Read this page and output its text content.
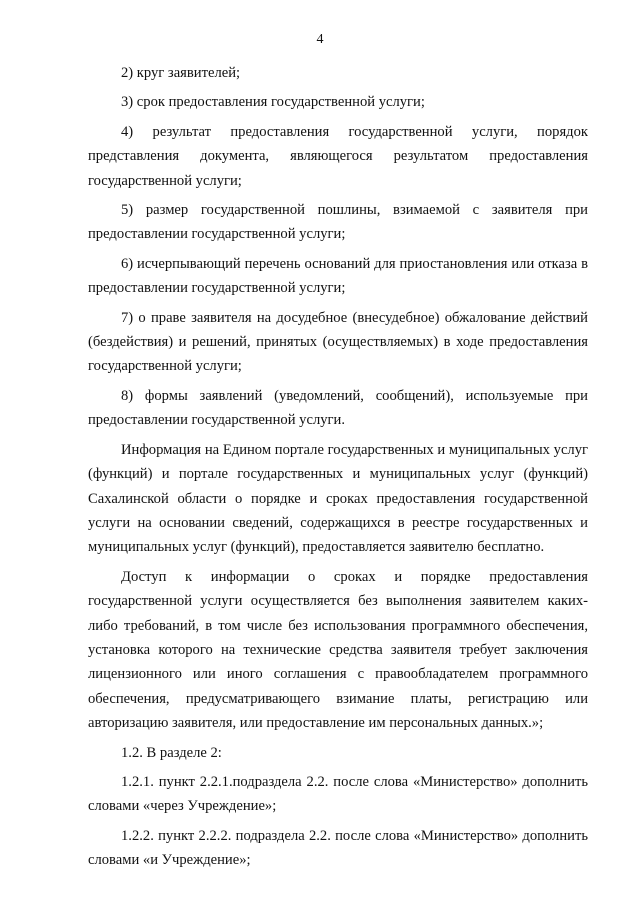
4

2) круг заявителей;

3) срок предоставления государственной услуги;

4) результат предоставления государственной услуги, порядок представления документа, являющегося результатом предоставления государственной услуги;

5) размер государственной пошлины, взимаемой с заявителя при предоставлении государственной услуги;

6) исчерпывающий перечень оснований для приостановления или отказа в предоставлении государственной услуги;

7) о праве заявителя на досудебное (внесудебное) обжалование действий (бездействия) и решений, принятых (осуществляемых) в ходе предоставления государственной услуги;

8) формы заявлений (уведомлений, сообщений), используемые при предоставлении государственной услуги.

Информация на Едином портале государственных и муниципальных услуг (функций) и портале государственных и муниципальных услуг (функций) Сахалинской области о порядке и сроках предоставления государственной услуги на основании сведений, содержащихся в реестре государственных и муниципальных услуг (функций), предоставляется заявителю бесплатно.

Доступ к информации о сроках и порядке предоставления государственной услуги осуществляется без выполнения заявителем каких-либо требований, в том числе без использования программного обеспечения, установка которого на технические средства заявителя требует заключения лицензионного или иного соглашения с правообладателем программного обеспечения, предусматривающего взимание платы, регистрацию или авторизацию заявителя, или предоставление им персональных данных.»;

1.2. В разделе 2:

1.2.1. пункт 2.2.1.подраздела 2.2. после слова «Министерство» дополнить словами «через Учреждение»;

1.2.2. пункт 2.2.2. подраздела 2.2. после слова «Министерство» дополнить словами «и Учреждение»;
